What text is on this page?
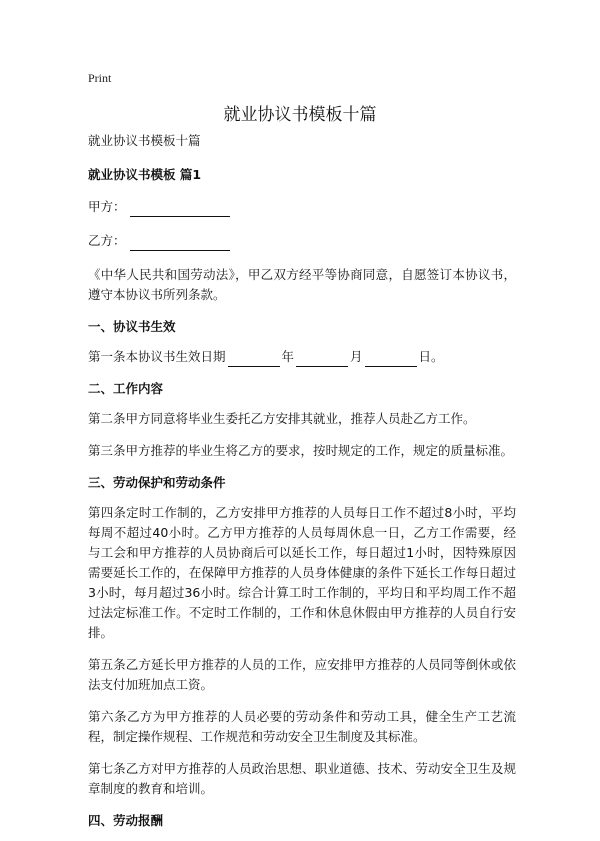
Print
就业协议书模板十篇
就业协议书模板十篇
就业协议书模板 篇1
甲方：
乙方：
《中华人民共和国劳动法》，甲乙双方经平等协商同意，自愿签订本协议书，遵守本协议书所列条款。
一、协议书生效
第一条本协议书生效日期	年	月	日。
二、工作内容
第二条甲方同意将毕业生委托乙方安排其就业，推荐人员赴乙方工作。
第三条甲方推荐的毕业生将乙方的要求，按时规定的工作，规定的质量标准。
三、劳动保护和劳动条件
第四条定时工作制的，乙方安排甲方推荐的人员每日工作不超过8小时，平均每周不超过40小时。乙方甲方推荐的人员每周休息一日，乙方工作需要，经与工会和甲方推荐的人员协商后可以延长工作，每日超过1小时，因特殊原因需要延长工作的，在保障甲方推荐的人员身体健康的条件下延长工作每日超过3小时，每月超过36小时。综合计算工时工作制的，平均日和平均周工作不超过法定标准工作。不定时工作制的，工作和休息休假由甲方推荐的人员自行安排。
第五条乙方延长甲方推荐的人员的工作，应安排甲方推荐的人员同等倒休或依法支付加班加点工资。
第六条乙方为甲方推荐的人员必要的劳动条件和劳动工具，健全生产工艺流程，制定操作规程、工作规范和劳动安全卫生制度及其标准。
第七条乙方对甲方推荐的人员政治思想、职业道德、技术、劳动安全卫生及规章制度的教育和培训。
四、劳动报酬
